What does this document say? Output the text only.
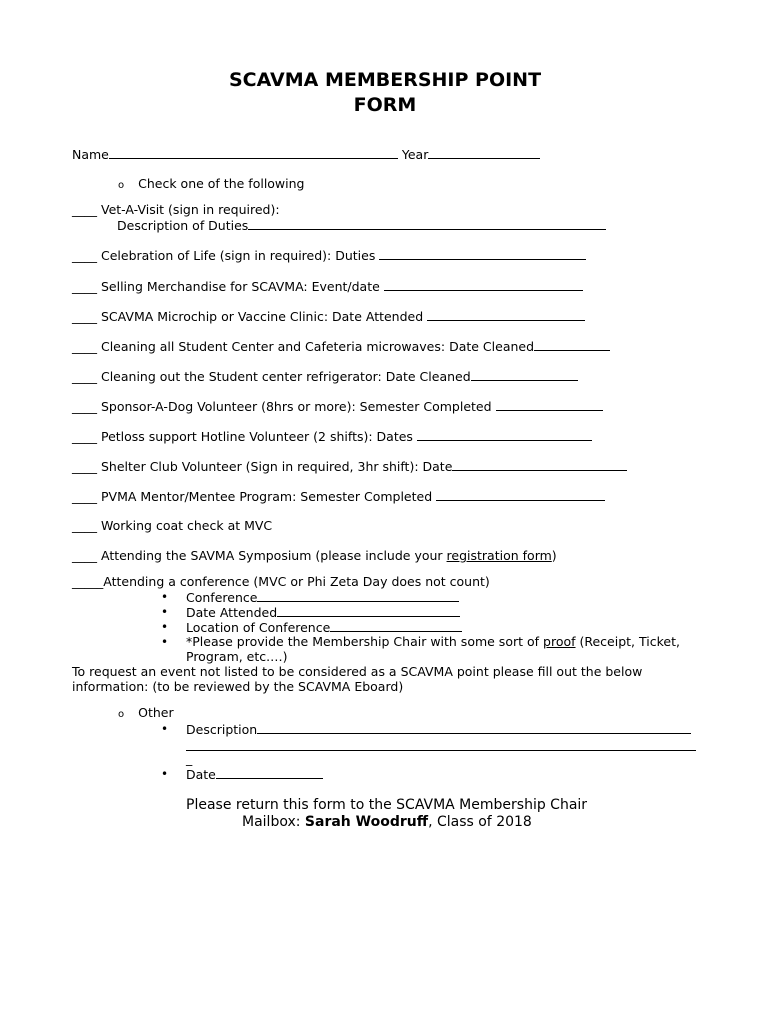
SCAVMA MEMBERSHIP POINT
FORM
Name	Year
o Check one of the following
____ Vet-A-Visit (sign in required):
Description of Duties
____ Celebration of Life (sign in required): Duties
____ Selling Merchandise for SCAVMA: Event/date
____ SCAVMA Microchip or Vaccine Clinic: Date Attended
____ Cleaning all Student Center and Cafeteria microwaves: Date Cleaned
____ Cleaning out the Student center refrigerator: Date Cleaned
____ Sponsor-A-Dog Volunteer (8hrs or more): Semester Completed
____ Petloss support Hotline Volunteer (2 shifts): Dates
____ Shelter Club Volunteer (Sign in required, 3hr shift): Date
____ PVMA Mentor/Mentee Program: Semester Completed
____ Working coat check at MVC
____ Attending the SAVMA Symposium (please include your registration form)
_____Attending a conference (MVC or Phi Zeta Day does not count)
• Conference
• Date Attended
• Location of Conference
• *Please provide the Membership Chair with some sort of proof (Receipt, Ticket,
Program, etc.…)
To request an event not listed to be considered as a SCAVMA point please fill out the below
information: (to be reviewed by the SCAVMA Eboard)
o Other
• Description
_
• Date
Please return this form to the SCAVMA Membership Chair
Mailbox: Sarah Woodruff, Class of 2018
